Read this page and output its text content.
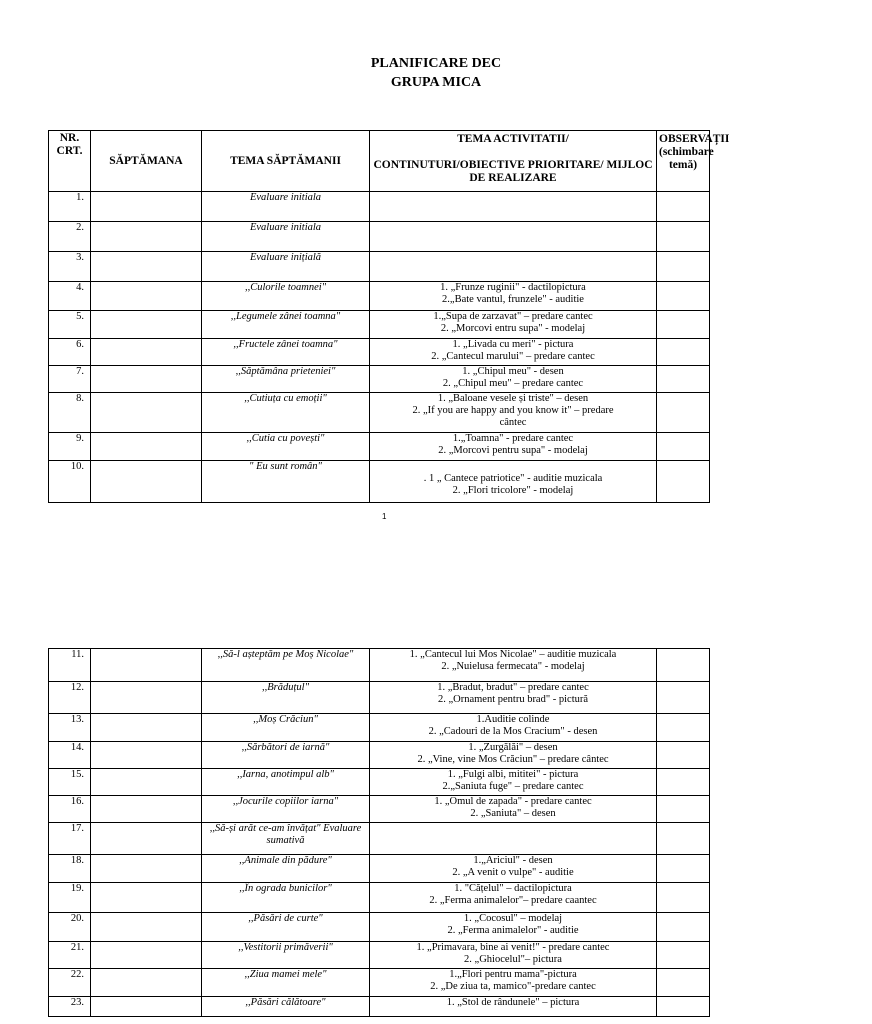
PLANIFICARE DEC
GRUPA MICA
NR. CRT.	SĂPTĂMANA	TEMA SĂPTĂMANII	TEMA ACTIVITATII/
CONTINUTURI/OBIECTIVE PRIORITARE/ MIJLOC DE REALIZARE	OBSERVAȚII (schimbare temă)
1.		Evaluare initiala		
2.		Evaluare initiala		
3.		Evaluare inițială		
4.		,,Culorile toamnei"	1. „Frunze ruginii" - dactilopictura
2.„Bate vantul, frunzele" - auditie	

5.		,,Legumele zânei toamna"	1.„Supa de zarzavat" – predare cantec
2. „Morcovi entru supa" - modelaj	

6.		,,Fructele zânei toamna"	1. „Livada cu meri" - pictura
2. „Cantecul marului" – predare cantec	

7.		,,Săptămâna prieteniei"	1. „Chipul meu" - desen
2. „Chipul meu" – predare cantec	

8.		,,Cutiuța cu emoții"	1. „Baloane vesele și triste" – desen
2. „If you are happy and you know it" – predare
cântec	

9.		,,Cutia cu povești"	1.„Toamna" - predare cantec
2. „Morcovi pentru supa" - modelaj	

10.		" Eu sunt român"	. 1 „ Cantece patriotice" - auditie muzicala
2. „Flori tricolore" - modelaj	

1
11.		,,Să-l așteptăm pe Moș Nicolae"	1. „Cantecul lui Mos Nicolae" – auditie muzicala
2. „Nuielusa fermecata" - modelaj	

12.		,,Brăduțul"	1. „Bradut, bradut" – predare cantec
2. „Ornament pentru brad" - pictură	

13.		,,Moș Crăciun"	1.Auditie colinde
2. „Cadouri de la Mos Cracium" - desen	

14.		,,Sărbători de iarnă"	1. „Zurgălăi" – desen
2. „Vine, vine Mos Crăciun" – predare cântec	

15.		,,Iarna, anotimpul alb"	1. „Fulgi albi, mititei" - pictura
2.„Saniuta fuge" – predare cantec	

16.		,,Jocurile copiilor iarna"	1. „Omul de zapada" - predare cantec
2. „Saniuta" – desen	

17.		,,Să-și arăt ce-am învățat" Evaluare sumativă		
18.		,,Animale din pădure"	1.„Ariciul" - desen
2. „A venit o vulpe" - auditie	

19.		,,În ograda bunicilor"	1. "Cățelul" – dactilopictura
2. „Ferma animalelor"– predare caantec	

20.		,,Păsări de curte"	1. „Cocosul" – modelaj
2. „Ferma animalelor" - auditie	

21.		,,Vestitorii primăverii"	1. „Primavara, bine ai venit!" - predare cantec
2. „Ghiocelul"– pictura	

22.		,,Ziua mamei mele"	1.„Flori pentru mama"-pictura
2. „De ziua ta, mamico"-predare cantec	

23.		,,Păsări călătoare"	1. „Stol de rândunele" – pictura	
